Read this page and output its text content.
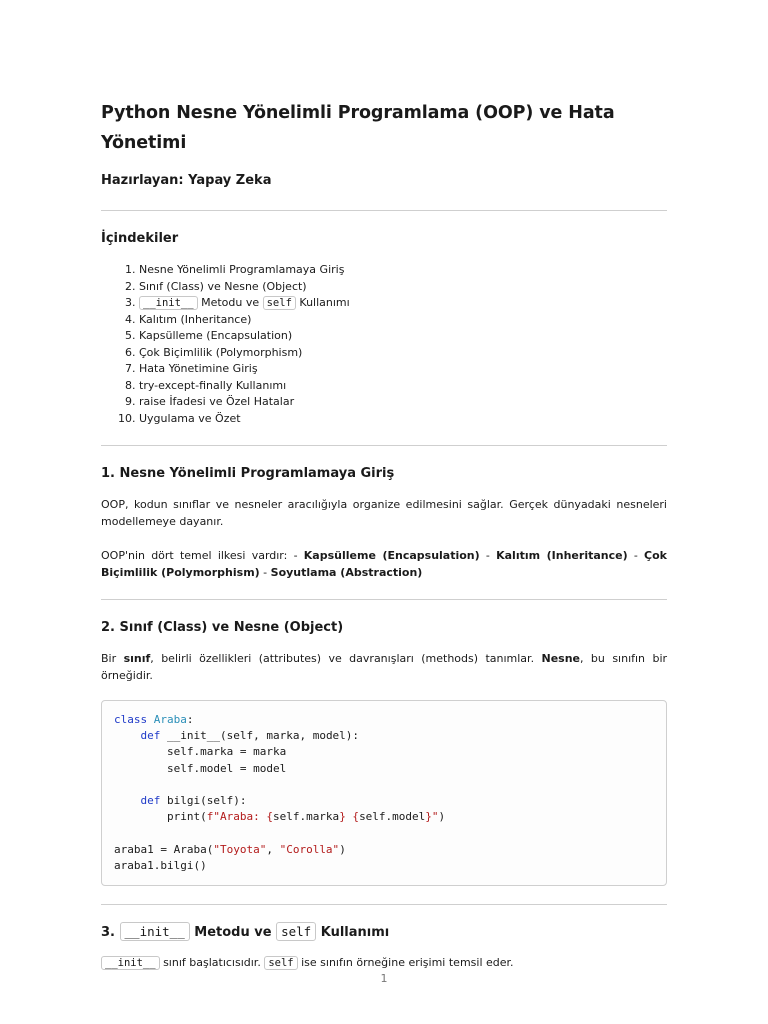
Python Nesne Yönelimli Programlama (OOP) ve Hata Yönetimi
Hazırlayan: Yapay Zeka
İçindekiler
1. Nesne Yönelimli Programlamaya Giriş
2. Sınıf (Class) ve Nesne (Object)
3. __init__ Metodu ve self Kullanımı
4. Kalıtım (Inheritance)
5. Kapsülleme (Encapsulation)
6. Çok Biçimlilik (Polymorphism)
7. Hata Yönetimine Giriş
8. try-except-finally Kullanımı
9. raise İfadesi ve Özel Hatalar
10. Uygulama ve Özet
1. Nesne Yönelimli Programlamaya Giriş

OOP, kodun sınıflar ve nesneler aracılığıyla organize edilmesini sağlar. Gerçek dünyadaki nesneleri modellemeye dayanır.

OOP'nin dört temel ilkesi vardır: - Kapsülleme (Encapsulation) - Kalıtım (Inheritance) - Çok Biçimlilik (Polymorphism) - Soyutlama (Abstraction)

2. Sınıf (Class) ve Nesne (Object)

Bir sınıf, belirli özellikleri (attributes) ve davranışları (methods) tanımlar. Nesne, bu sınıfın bir örneğidir.

class Araba:
def __init__(self, marka, model):
self.marka = marka
self.model = model

def bilgi(self):
print(f"Araba: {self.marka} {self.model}")

araba1 = Araba("Toyota", "Corolla")
araba1.bilgi()
3. __init__ Metodu ve self Kullanımı

__init__ sınıf başlatıcısıdır. self ise sınıfın örneğine erişimi temsil eder.

1
